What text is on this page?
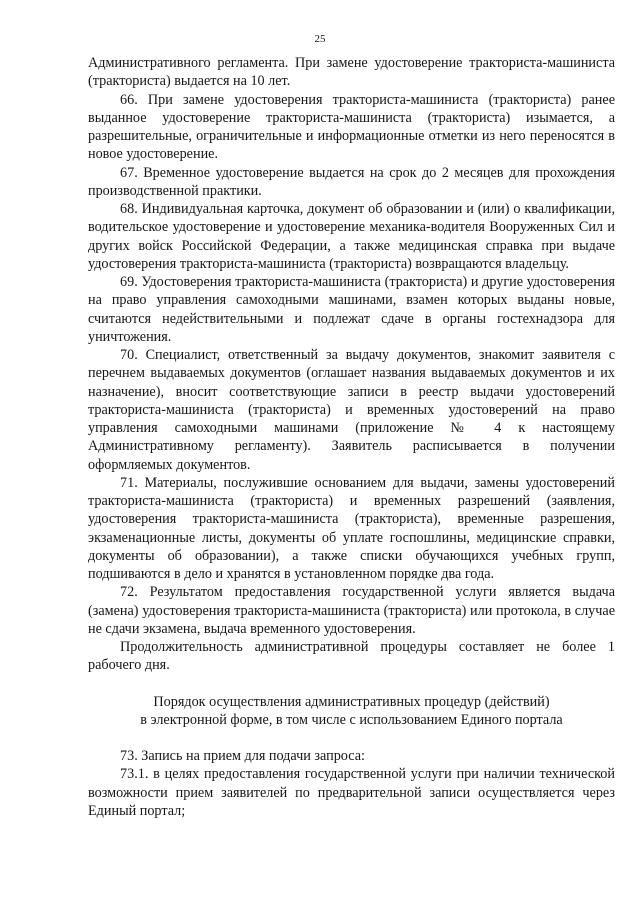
25

Административного регламента. При замене удостоверение тракториста-машиниста (тракториста) выдается на 10 лет.

66. При замене удостоверения тракториста-машиниста (тракториста) ранее выданное удостоверение тракториста-машиниста (тракториста) изымается, а разрешительные, ограничительные и информационные отметки из него переносятся в новое удостоверение.

67. Временное удостоверение выдается на срок до 2 месяцев для прохождения производственной практики.

68. Индивидуальная карточка, документ об образовании и (или) о квалификации, водительское удостоверение и удостоверение механика-водителя Вооруженных Сил и других войск Российской Федерации, а также медицинская справка при выдаче удостоверения тракториста-машиниста (тракториста) возвращаются владельцу.

69. Удостоверения тракториста-машиниста (тракториста) и другие удостоверения на право управления самоходными машинами, взамен которых выданы новые, считаются недействительными и подлежат сдаче в органы гостехнадзора для уничтожения.

70. Специалист, ответственный за выдачу документов, знакомит заявителя с перечнем выдаваемых документов (оглашает названия выдаваемых документов и их назначение), вносит соответствующие записи в реестр выдачи удостоверений тракториста-машиниста (тракториста) и временных удостоверений на право управления самоходными машинами (приложение № 4 к настоящему Административному регламенту). Заявитель расписывается в получении оформляемых документов.

71. Материалы, послужившие основанием для выдачи, замены удостоверений тракториста-машиниста (тракториста) и временных разрешений (заявления, удостоверения тракториста-машиниста (тракториста), временные разрешения, экзаменационные листы, документы об уплате госпошлины, медицинские справки, документы об образовании), а также списки обучающихся учебных групп, подшиваются в дело и хранятся в установленном порядке два года.

72. Результатом предоставления государственной услуги является выдача (замена) удостоверения тракториста-машиниста (тракториста) или протокола, в случае не сдачи экзамена, выдача временного удостоверения.

Продолжительность административной процедуры составляет не более 1 рабочего дня.

Порядок осуществления административных процедур (действий)
в электронной форме, в том числе с использованием Единого портала

73. Запись на прием для подачи запроса:

73.1. в целях предоставления государственной услуги при наличии технической возможности прием заявителей по предварительной записи осуществляется через Единый портал;
